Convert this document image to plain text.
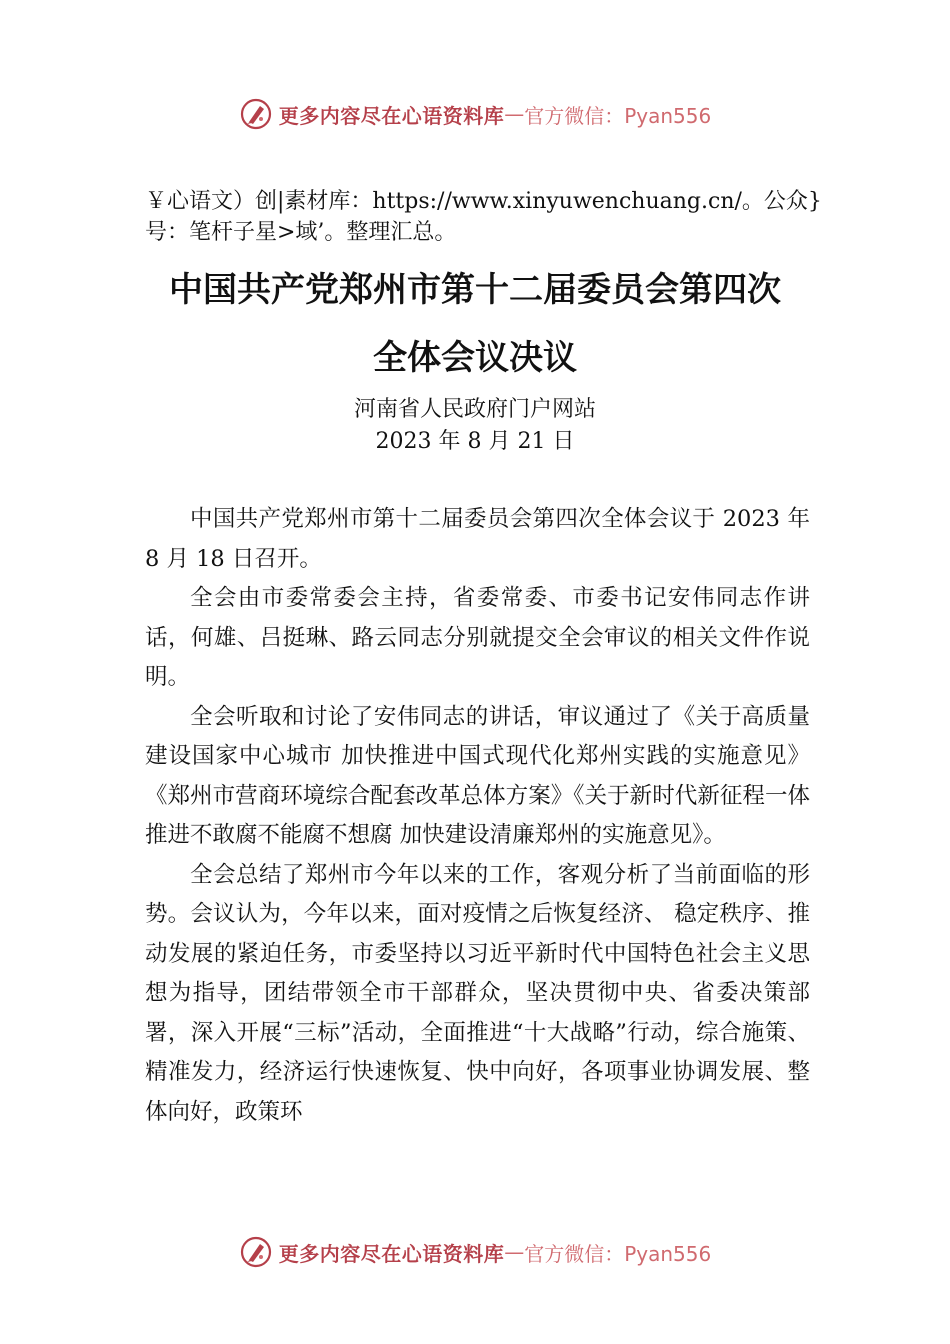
更多内容尽在心语资料库 — 官方微信：Pyan556
￥心语文）创|素材库：https://www.xinyuwenchuang.cn/。公众}号：笔杆子星>域’。整理汇总。
中国共产党郑州市第十二届委员会第四次
全体会议决议
河南省人民政府门户网站
2023 年 8 月 21 日

中国共产党郑州市第十二届委员会第四次全体会议于 2023 年 8 月 18 日召开。

全会由市委常委会主持，省委常委、市委书记安伟同志作讲话，何雄、吕挺琳、路云同志分别就提交全会审议的相关文件作说明。

全会听取和讨论了安伟同志的讲话，审议通过了《关于高质量建设国家中心城市 加快推进中国式现代化郑州实践的实施意见》《郑州市营商环境综合配套改革总体方案》《关于新时代新征程一体推进不敢腐不能腐不想腐 加快建设清廉郑州的实施意见》。

全会总结了郑州市今年以来的工作，客观分析了当前面临的形势。会议认为，今年以来，面对疫情之后恢复经济、 稳定秩序、推动发展的紧迫任务，市委坚持以习近平新时代中国特色社会主义思想为指导，团结带领全市干部群众，坚决贯彻中央、省委决策部署，深入开展“三标”活动，全面推进“十大战略”行动，综合施策、精准发力，经济运行快速恢复、快中向好，各项事业协调发展、整体向好，政策环

更多内容尽在心语资料库 — 官方微信：Pyan556
